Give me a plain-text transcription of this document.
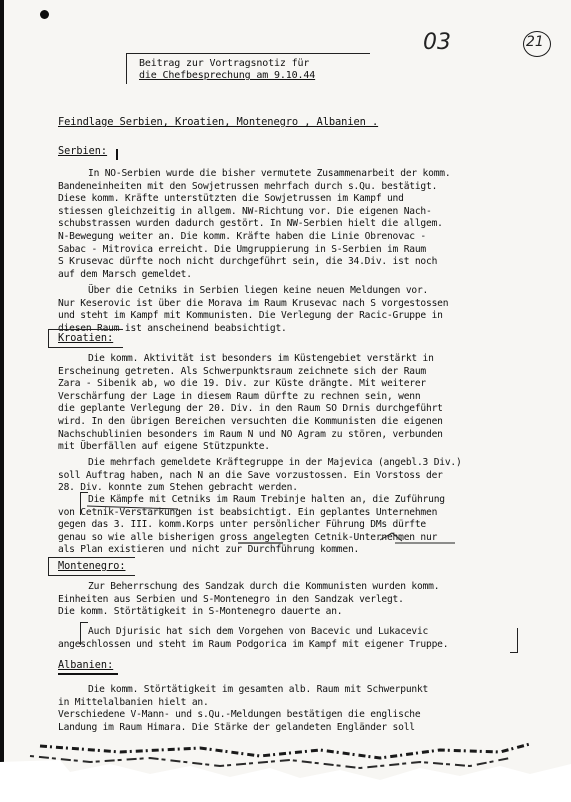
03	21
Beitrag zur Vortragsnotiz für
die Chefbesprechung am 9.10.44
Feindlage Serbien, Kroatien, Montenegro , Albanien .
Serbien:
In NO-Serbien wurde die bisher vermutete Zusammenarbeit der komm.
Bandeneinheiten mit den Sowjetrussen mehrfach durch s.Qu. bestätigt.
Diese komm. Kräfte unterstützten die Sowjetrussen im Kampf und
stiessen gleichzeitig in allgem. NW-Richtung vor. Die eigenen Nach-
schubstrassen wurden dadurch gestört. In NW-Serbien hielt die allgem.
N-Bewegung weiter an. Die komm. Kräfte haben die Linie Obrenovac -
Sabac - Mitrovica erreicht. Die Umgruppierung in S-Serbien im Raum
S Krusevac dürfte noch nicht durchgeführt sein, die 34.Div. ist noch
auf dem Marsch gemeldet.
Über die Cetniks in Serbien liegen keine neuen Meldungen vor.
Nur Keserovic ist über die Morava im Raum Krusevac nach S vorgestossen
und steht im Kampf mit Kommunisten. Die Verlegung der Racic-Gruppe in
diesen Raum ist anscheinend beabsichtigt.
Kroatien:
Die komm. Aktivität ist besonders im Küstengebiet verstärkt in
Erscheinung getreten. Als Schwerpunktsraum zeichnete sich der Raum
Zara - Sibenik ab, wo die 19. Div. zur Küste drängte. Mit weiterer
Verschärfung der Lage in diesem Raum dürfte zu rechnen sein, wenn
die geplante Verlegung der 20. Div. in den Raum SO Drnis durchgeführt
wird. In den übrigen Bereichen versuchten die Kommunisten die eigenen
Nachschublinien besonders im Raum N und NO Agram zu stören, verbunden
mit Überfällen auf eigene Stützpunkte.
Die mehrfach gemeldete Kräftegruppe in der Majevica (angebl.3 Div.)
soll Auftrag haben, nach N an die Save vorzustossen. Ein Vorstoss der
28. Div. konnte zum Stehen gebracht werden.
Die Kämpfe mit Cetniks im Raum Trebinje halten an, die Zuführung
von Cetnik-Verstärkungen ist beabsichtigt. Ein geplantes Unternehmen
gegen das 3. III. komm.Korps unter persönlicher Führung DMs dürfte
genau so wie alle bisherigen gross angelegten Cetnik-Unternehmen nur
als Plan existieren und nicht zur Durchführung kommen.
Montenegro:
Zur Beherrschung des Sandzak durch die Kommunisten wurden komm.
Einheiten aus Serbien und S-Montenegro in den Sandzak verlegt.
Die komm. Störtätigkeit in S-Montenegro dauerte an.
Auch Djurisic hat sich dem Vorgehen von Bacevic und Lukacevic
angeschlossen und steht im Raum Podgorica im Kampf mit eigener Truppe.
Albanien:
Die komm. Störtätigkeit im gesamten alb. Raum mit Schwerpunkt
in Mittelalbanien hielt an.
Verschiedene V-Mann- und s.Qu.-Meldungen bestätigen die englische
Landung im Raum Himara. Die Stärke der gelandeten Engländer soll
